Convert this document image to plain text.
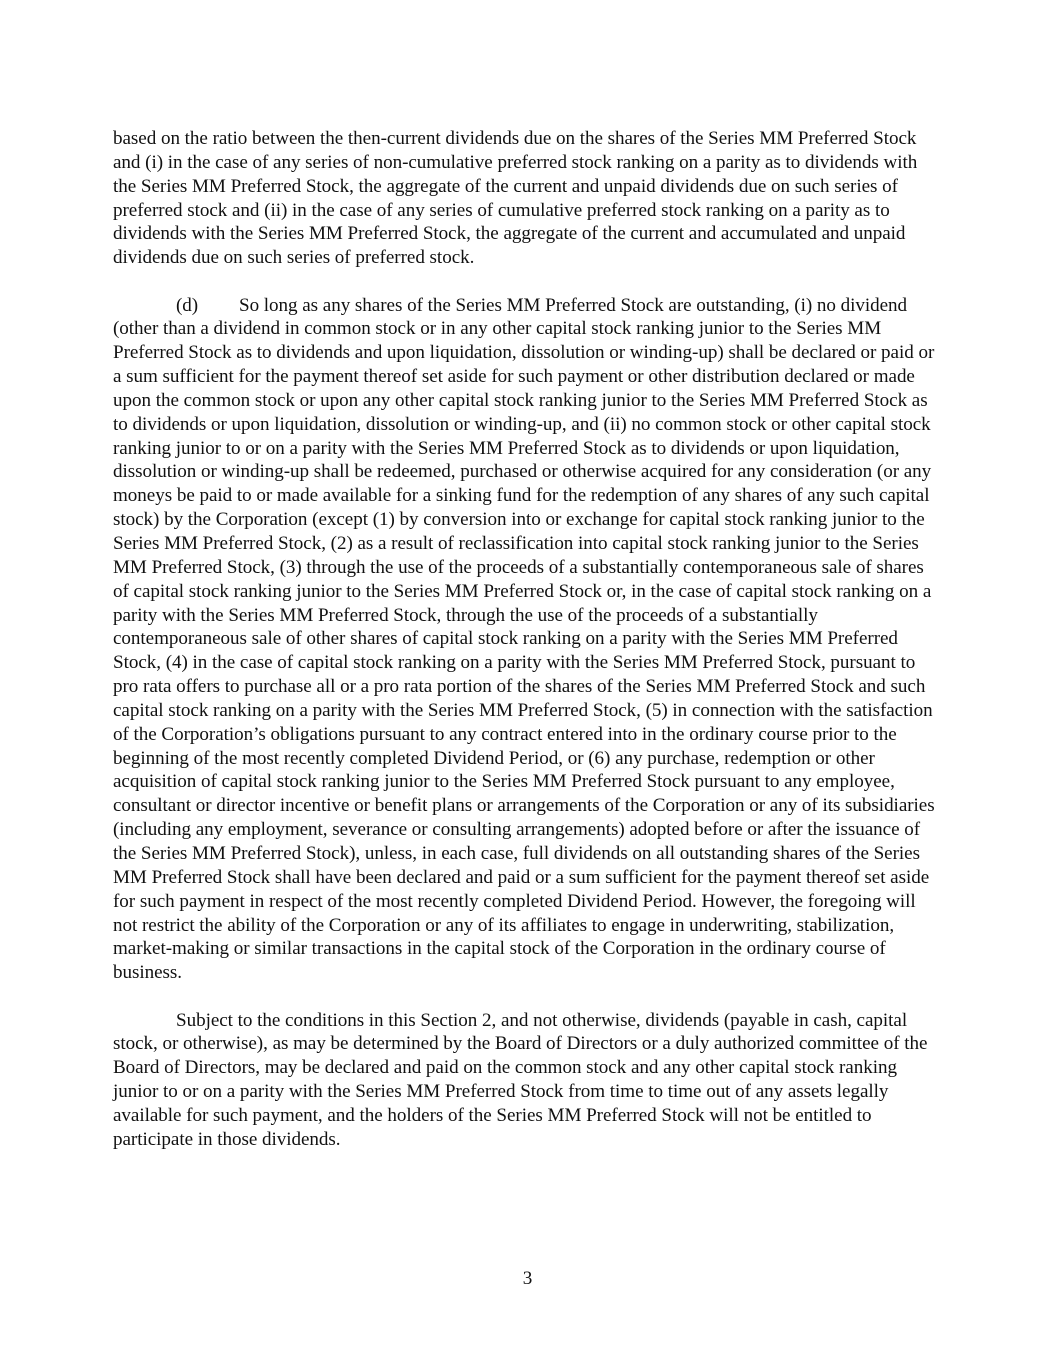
based on the ratio between the then-current dividends due on the shares of the Series MM Preferred Stock and (i) in the case of any series of non-cumulative preferred stock ranking on a parity as to dividends with the Series MM Preferred Stock, the aggregate of the current and unpaid dividends due on such series of preferred stock and (ii) in the case of any series of cumulative preferred stock ranking on a parity as to dividends with the Series MM Preferred Stock, the aggregate of the current and accumulated and unpaid dividends due on such series of preferred stock.

(d) So long as any shares of the Series MM Preferred Stock are outstanding, (i) no dividend (other than a dividend in common stock or in any other capital stock ranking junior to the Series MM Preferred Stock as to dividends and upon liquidation, dissolution or winding-up) shall be declared or paid or a sum sufficient for the payment thereof set aside for such payment or other distribution declared or made upon the common stock or upon any other capital stock ranking junior to the Series MM Preferred Stock as to dividends or upon liquidation, dissolution or winding-up, and (ii) no common stock or other capital stock ranking junior to or on a parity with the Series MM Preferred Stock as to dividends or upon liquidation, dissolution or winding-up shall be redeemed, purchased or otherwise acquired for any consideration (or any moneys be paid to or made available for a sinking fund for the redemption of any shares of any such capital stock) by the Corporation (except (1) by conversion into or exchange for capital stock ranking junior to the Series MM Preferred Stock, (2) as a result of reclassification into capital stock ranking junior to the Series MM Preferred Stock, (3) through the use of the proceeds of a substantially contemporaneous sale of shares of capital stock ranking junior to the Series MM Preferred Stock or, in the case of capital stock ranking on a parity with the Series MM Preferred Stock, through the use of the proceeds of a substantially contemporaneous sale of other shares of capital stock ranking on a parity with the Series MM Preferred Stock, (4) in the case of capital stock ranking on a parity with the Series MM Preferred Stock, pursuant to pro rata offers to purchase all or a pro rata portion of the shares of the Series MM Preferred Stock and such capital stock ranking on a parity with the Series MM Preferred Stock, (5) in connection with the satisfaction of the Corporation’s obligations pursuant to any contract entered into in the ordinary course prior to the beginning of the most recently completed Dividend Period, or (6) any purchase, redemption or other acquisition of capital stock ranking junior to the Series MM Preferred Stock pursuant to any employee, consultant or director incentive or benefit plans or arrangements of the Corporation or any of its subsidiaries (including any employment, severance or consulting arrangements) adopted before or after the issuance of the Series MM Preferred Stock), unless, in each case, full dividends on all outstanding shares of the Series MM Preferred Stock shall have been declared and paid or a sum sufficient for the payment thereof set aside for such payment in respect of the most recently completed Dividend Period. However, the foregoing will not restrict the ability of the Corporation or any of its affiliates to engage in underwriting, stabilization, market-making or similar transactions in the capital stock of the Corporation in the ordinary course of business.

Subject to the conditions in this Section 2, and not otherwise, dividends (payable in cash, capital stock, or otherwise), as may be determined by the Board of Directors or a duly authorized committee of the Board of Directors, may be declared and paid on the common stock and any other capital stock ranking junior to or on a parity with the Series MM Preferred Stock from time to time out of any assets legally available for such payment, and the holders of the Series MM Preferred Stock will not be entitled to participate in those dividends.

3
